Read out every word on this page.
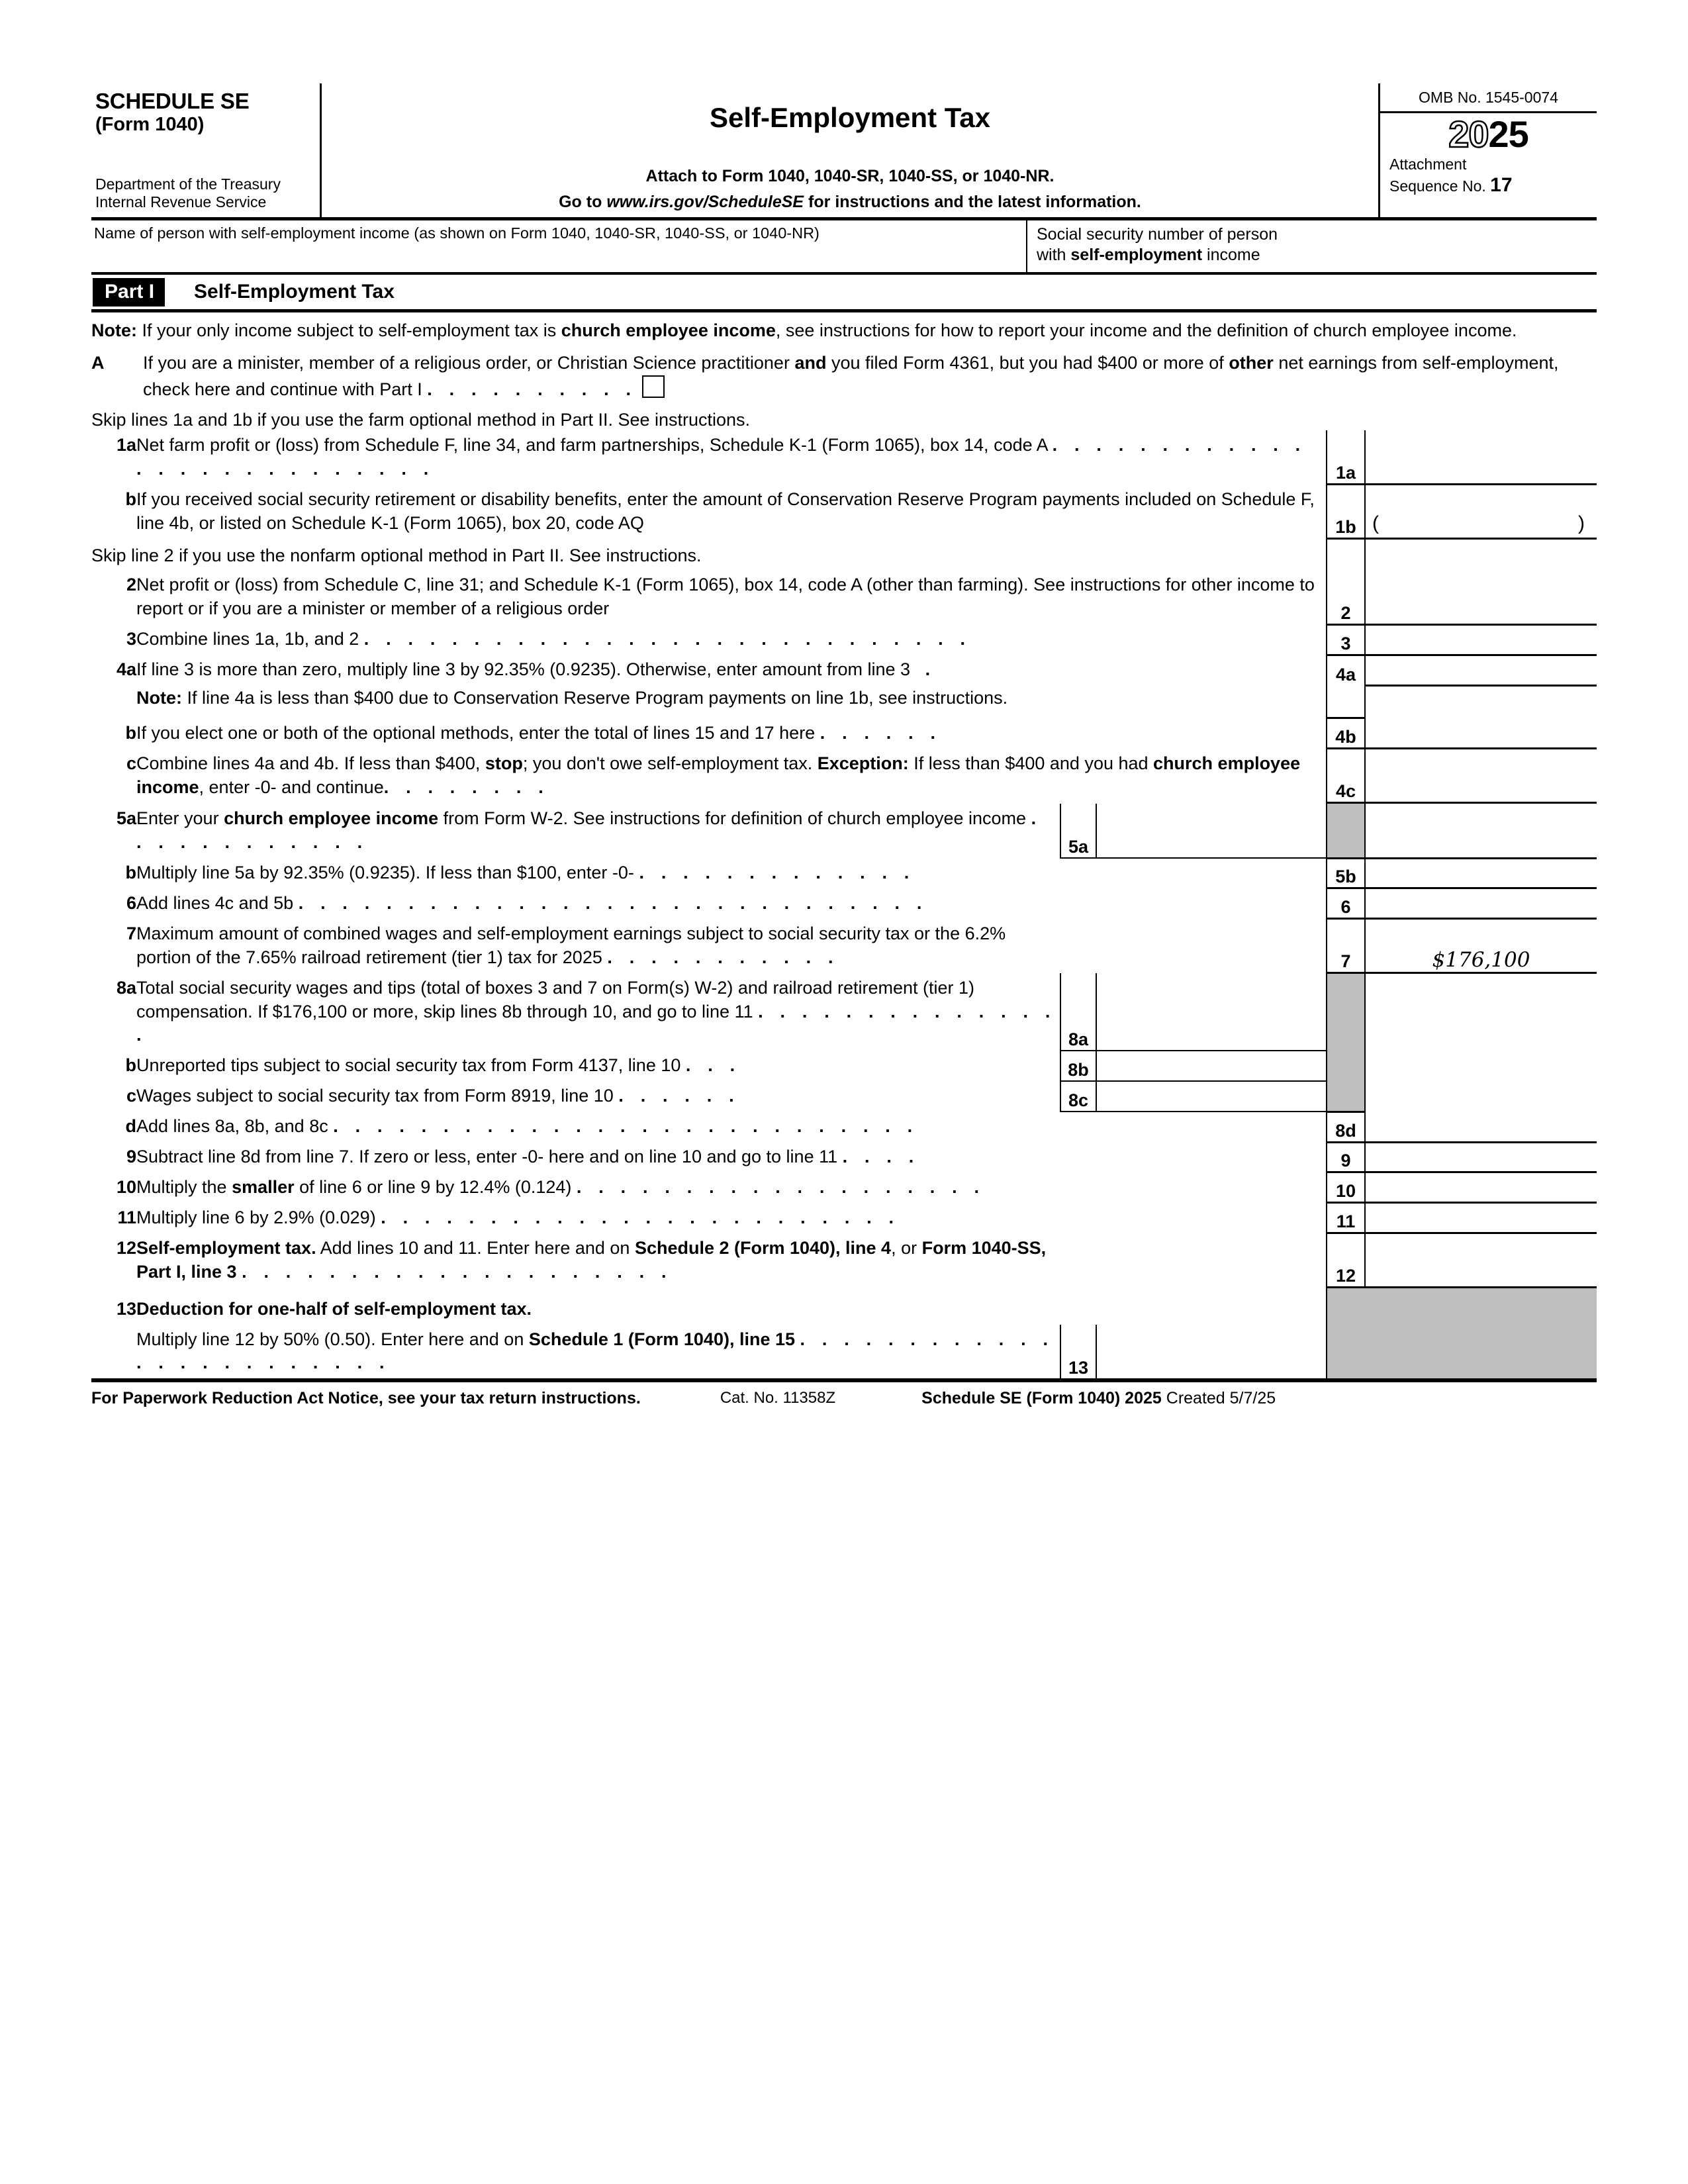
SCHEDULE SE
(Form 1040)
Department of the Treasury
Internal Revenue Service
Self-Employment Tax
Attach to Form 1040, 1040-SR, 1040-SS, or 1040-NR.
Go to www.irs.gov/ScheduleSE for instructions and the latest information.
OMB No. 1545-0074
2025
Attachment
Sequence No. 17
Name of person with self-employment income (as shown on Form 1040, 1040-SR, 1040-SS, or 1040-NR)	Social security number of person
with self-employment income
Part I	Self-Employment Tax
Note: If your only income subject to self-employment tax is church employee income, see instructions for how to report your income and the definition of church employee income.
A	If you are a minister, member of a religious order, or Christian Science practitioner and you filed Form 4361, but you had $400 or more of other net earnings from self-employment, check here and continue with Part I . . . . . . . . . .
Skip lines 1a and 1b if you use the farm optional method in Part II. See instructions.
1a	Net farm profit or (loss) from Schedule F, line 34, and farm partnerships, Schedule K-1 (Form 1065), box 14, code A . . . . . . . . . . . . . . . . . . . . . . . . . .
		1a	

b	If you received social security retirement or disability benefits, enter the amount of Conservation Reserve Program payments included on Schedule F, line 4b, or listed on Schedule K-1 (Form 1065), box 20, code AQ
		1b	(	)

Skip line 2 if you use the nonfarm optional method in Part II. See instructions.		

2	Net profit or (loss) from Schedule C, line 31; and Schedule K-1 (Form 1065), box 14, code A (other than farming). See instructions for other income to report or if you are a minister or member of a religious order
		2	

3	Combine lines 1a, 1b, and 2 . . . . . . . . . . . . . . . . . . . . . . . . . . . .
		3	

4a	If line 3 is more than zero, multiply line 3 by 92.35% (0.9235). Otherwise, enter amount from line 3 .
		4a	

	Note: If line 4a is less than $400 due to Conservation Reserve Program payments on line 1b, see instructions.

b	If you elect one or both of the optional methods, enter the total of lines 15 and 17 here . . . . . .
		4b	

c	Combine lines 4a and 4b. If less than $400, stop; you don't owe self-employment tax. Exception: If less than $400 and you had church employee income, enter -0- and continue. . . . . . . .
		4c	
5a	Enter your church employee income from Form W-2. See instructions for definition of church employee income . . . . . . . . . . . .
		5a			

b	Multiply line 5a by 92.35% (0.9235). If less than $100, enter -0- . . . . . . . . . . . . .
				5b	

6	Add lines 4c and 5b . . . . . . . . . . . . . . . . . . . . . . . . . . . . .
				6	

7	Maximum amount of combined wages and self-employment earnings subject to social security tax or the 6.2% portion of the 7.65% railroad retirement (tier 1) tax for 2025 . . . . . . . . . . .
				7	$176,100

8a	Total social security wages and tips (total of boxes 3 and 7 on Form(s) W-2) and railroad retirement (tier 1) compensation. If $176,100 or more, skip lines 8b through 10, and go to line 11 . . . . . . . . . . . . . . .
		8a			

b	Unreported tips subject to social security tax from Form 4137, line 10 . . .
		8b			

c	Wages subject to social security tax from Form 8919, line 10 . . . . . .
		8c			

d	Add lines 8a, 8b, and 8c . . . . . . . . . . . . . . . . . . . . . . . . . . .
				8d	

9	Subtract line 8d from line 7. If zero or less, enter -0- here and on line 10 and go to line 11 . . . .
				9	

10	Multiply the smaller of line 6 or line 9 by 12.4% (0.124) . . . . . . . . . . . . . . . . . . .
				10	

11	Multiply line 6 by 2.9% (0.029) . . . . . . . . . . . . . . . . . . . . . . . .
				11	

12	Self-employment tax. Add lines 10 and 11. Enter here and on Schedule 2 (Form 1040), line 4, or Form 1040-SS, Part I, line 3 . . . . . . . . . . . . . . . . . . . .
				12	

13	Deduction for one-half of self-employment tax.

	Multiply line 12 by 50% (0.50). Enter here and on Schedule 1 (Form 1040), line 15 . . . . . . . . . . . . . . . . . . . . . . . .
		13			
For Paperwork Reduction Act Notice, see your tax return instructions.	Cat. No. 11358Z	Schedule SE (Form 1040) 2025 Created 5/7/25
